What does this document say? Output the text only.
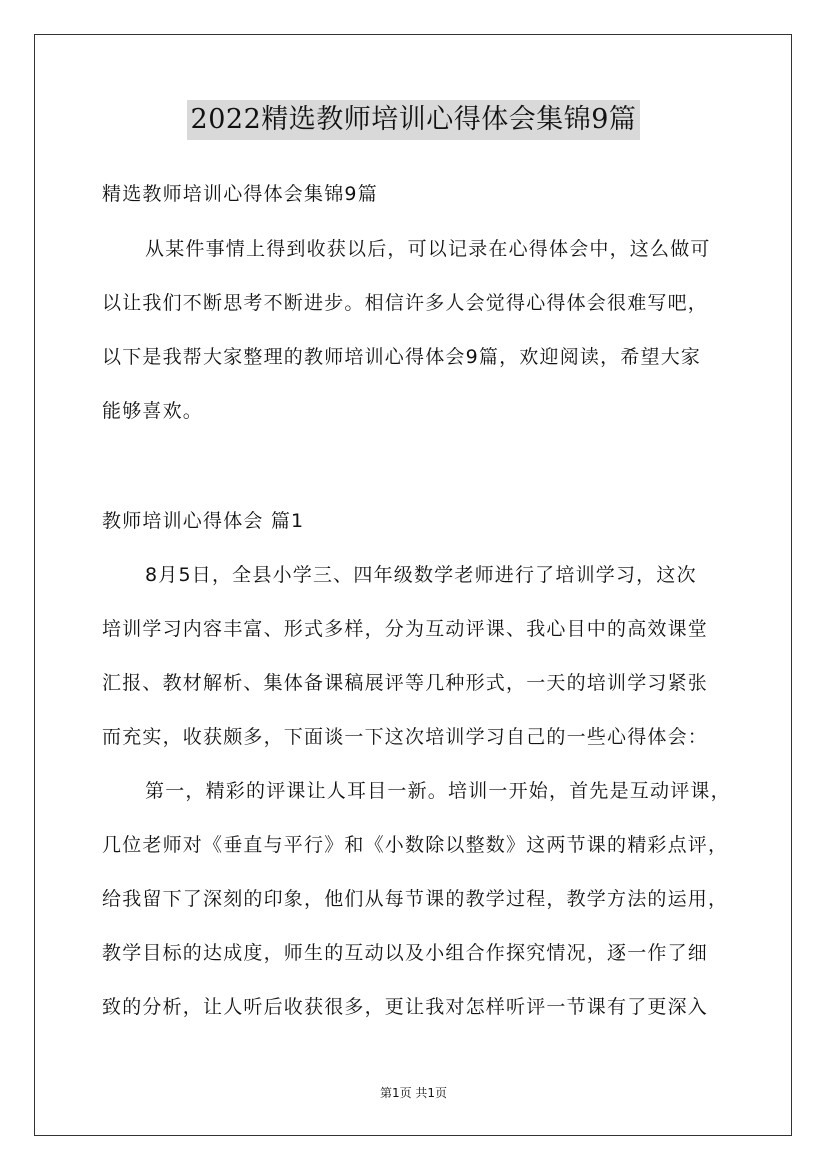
2022精选教师培训心得体会集锦9篇
精选教师培训心得体会集锦9篇
从某件事情上得到收获以后，可以记录在心得体会中，这么做可
以让我们不断思考不断进步。相信许多人会觉得心得体会很难写吧，
以下是我帮大家整理的教师培训心得体会9篇，欢迎阅读，希望大家
能够喜欢。
教师培训心得体会 篇1
8月5日，全县小学三、四年级数学老师进行了培训学习，这次
培训学习内容丰富、形式多样，分为互动评课、我心目中的高效课堂
汇报、教材解析、集体备课稿展评等几种形式，一天的培训学习紧张
而充实，收获颇多，下面谈一下这次培训学习自己的一些心得体会：
第一，精彩的评课让人耳目一新。培训一开始，首先是互动评课，
几位老师对《垂直与平行》和《小数除以整数》这两节课的精彩点评，
给我留下了深刻的印象，他们从每节课的教学过程，教学方法的运用，
教学目标的达成度，师生的互动以及小组合作探究情况，逐一作了细
致的分析，让人听后收获很多，更让我对怎样听评一节课有了更深入
第1页 共1页
